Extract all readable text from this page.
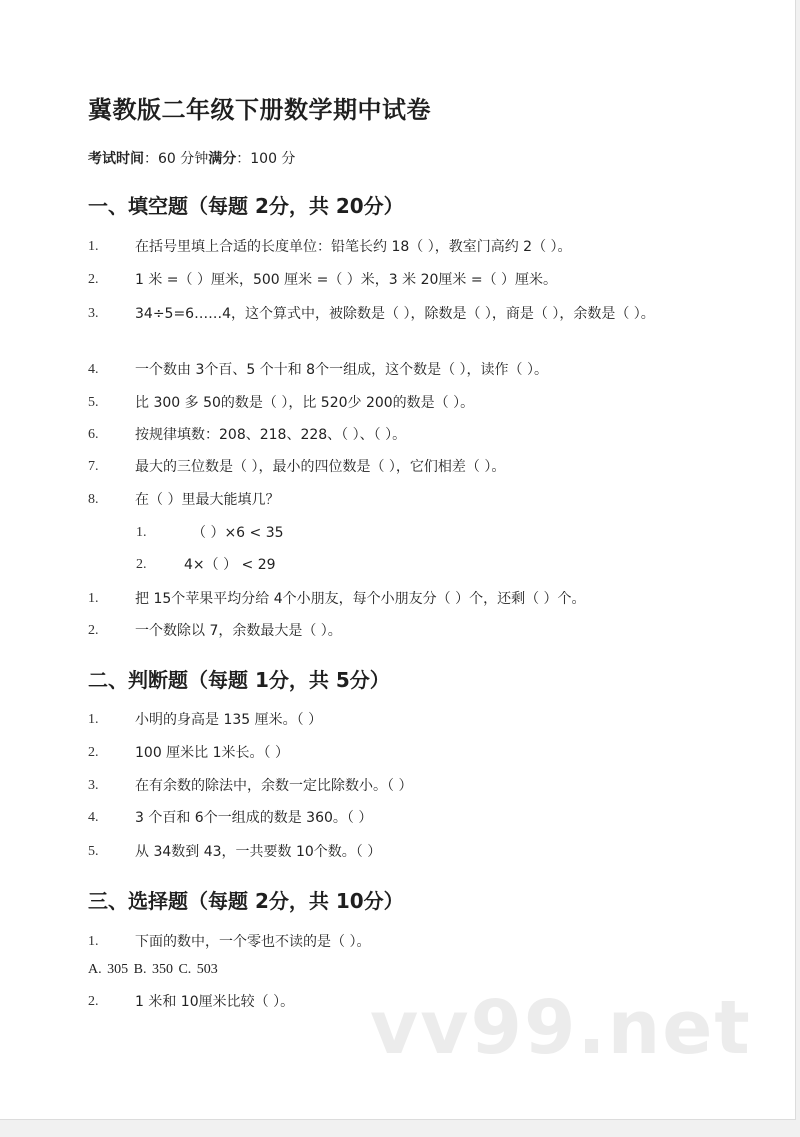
冀教版二年级下册数学期中试卷
考试时间：60 分钟满分：100 分
一、填空题（每题 2分，共 20分）
1.	在括号里填上合适的长度单位：铅笔长约 18（ ），教室门高约 2（ ）。
2.	1 米 =（ ）厘米，500 厘米 =（ ）米，3 米 20厘米 =（ ）厘米。
3.	34÷5=6……4，这个算式中，被除数是（ ），除数是（ ），商是（ ），余数是（ ）。
4.	一个数由 3个百、5 个十和 8个一组成，这个数是（ ），读作（ ）。
5.	比 300 多 50的数是（ ），比 520少 200的数是（ ）。
6.	按规律填数：208、218、228、（ ）、（ ）。
7.	最大的三位数是（ ），最小的四位数是（ ），它们相差（ ）。
8.	在（ ）里最大能填几？
1.	（ ）×6 < 35
2.	4×（ ） < 29
1.	把 15个苹果平均分给 4个小朋友，每个小朋友分（ ）个，还剩（ ）个。
2.	一个数除以 7，余数最大是（ ）。
二、判断题（每题 1分，共 5分）
1.	小明的身高是 135 厘米。（ ）
2.	100 厘米比 1米长。（ ）
3.	在有余数的除法中，余数一定比除数小。（ ）
4.	3 个百和 6个一组成的数是 360。（ ）
5.	从 34数到 43，一共要数 10个数。（ ）
三、选择题（每题 2分，共 10分）
1.	下面的数中，一个零也不读的是（ ）。
A. 305 B. 350 C. 503
2.	1 米和 10厘米比较（ ）。	vv99.net
